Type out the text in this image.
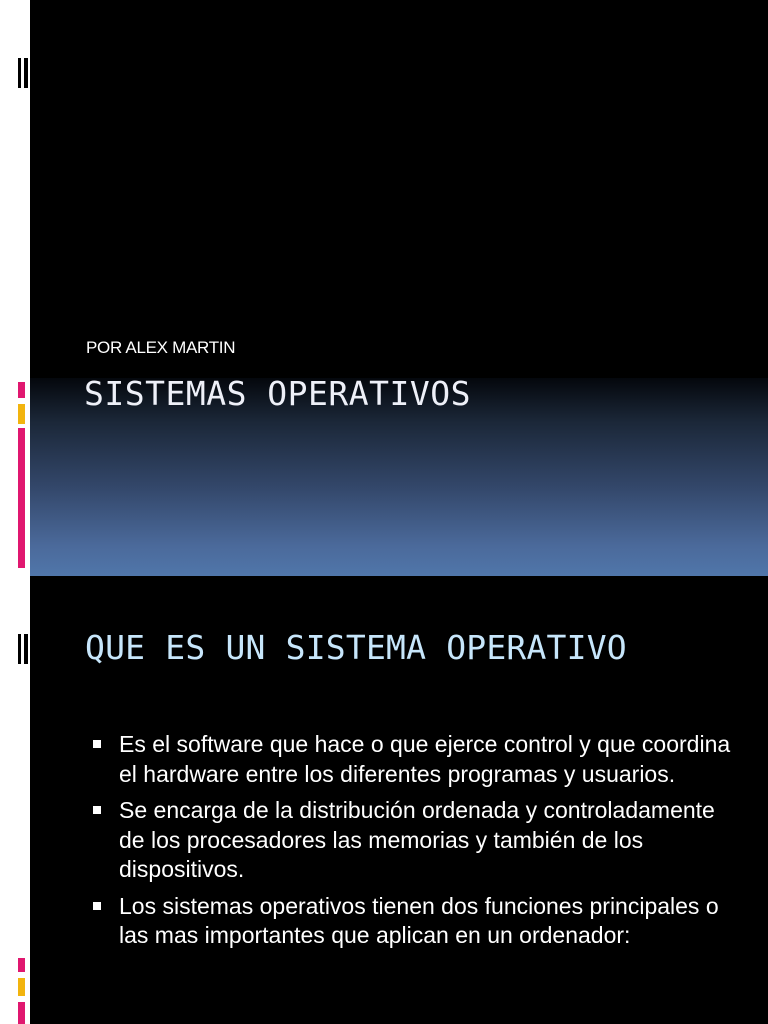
POR ALEX MARTIN
SISTEMAS OPERATIVOS
QUE ES UN SISTEMA OPERATIVO
Es el software que hace o que ejerce control y que coordina el hardware entre los diferentes programas y usuarios.
Se encarga de la distribución ordenada y controladamente de los procesadores las memorias y también de los dispositivos.
Los sistemas operativos tienen dos funciones principales o las mas importantes que aplican en un ordenador:
